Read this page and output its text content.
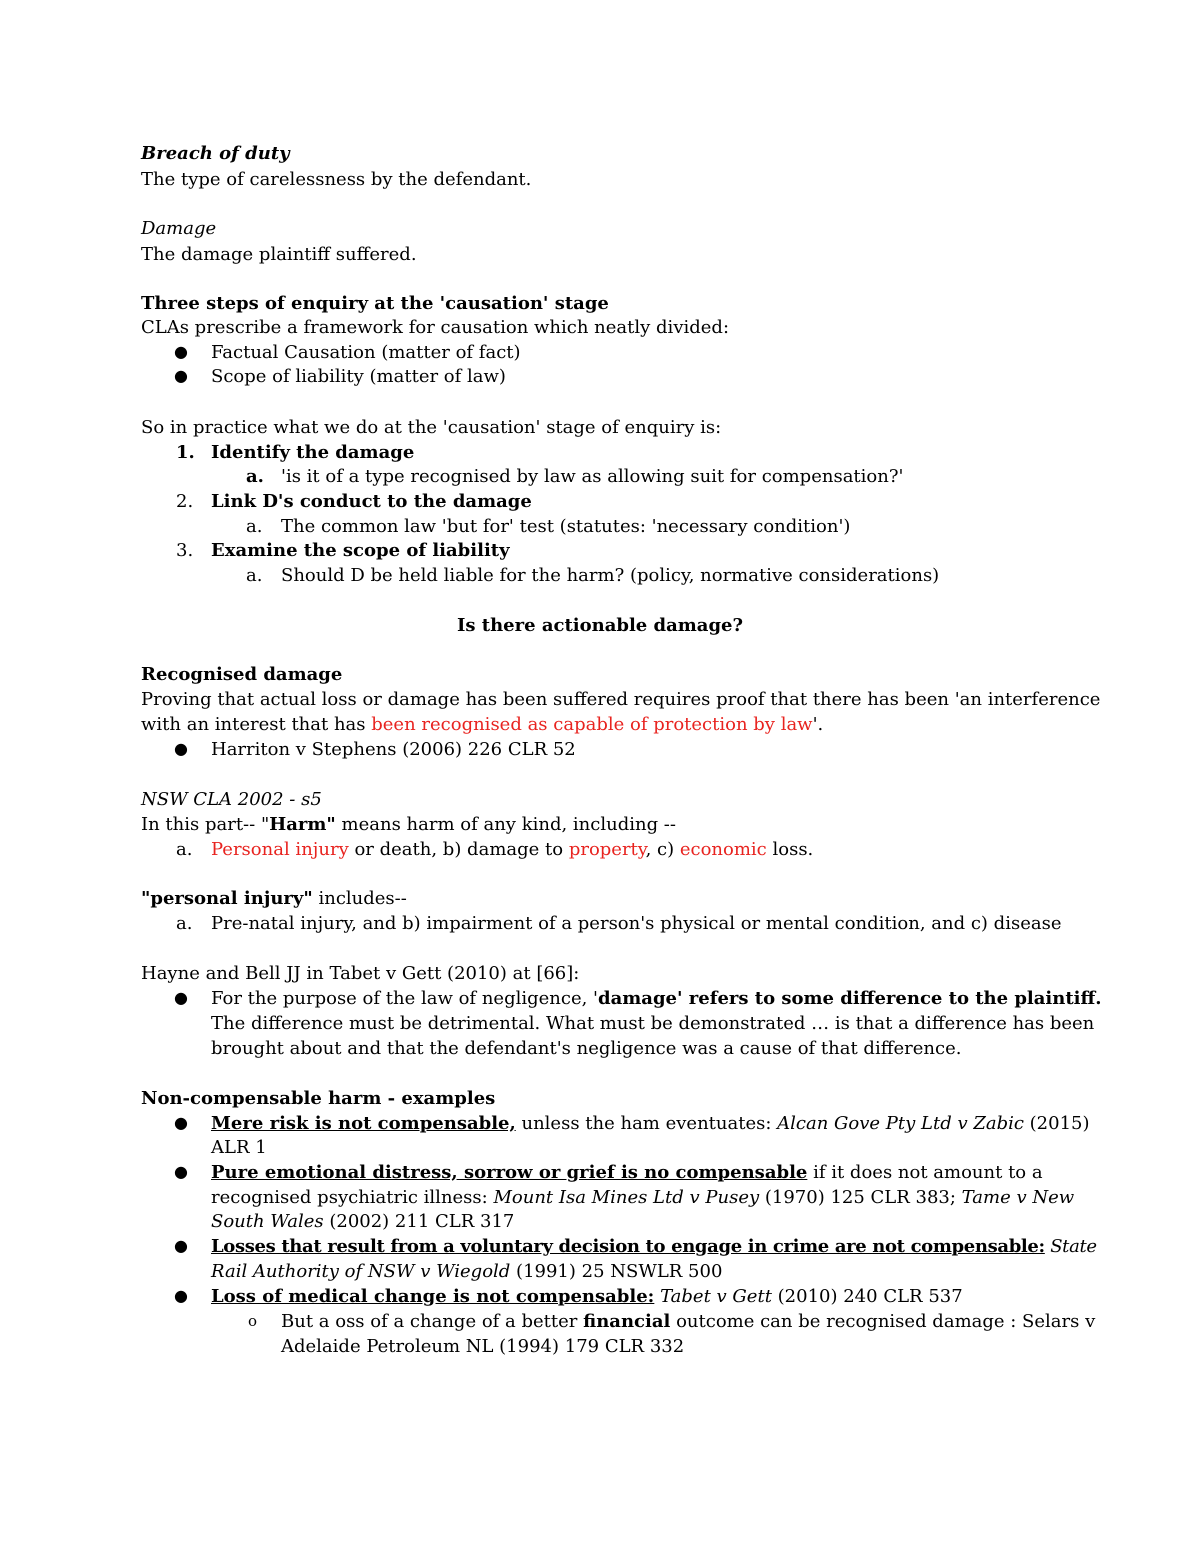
Breach of duty

The type of carelessness by the defendant.

Damage

The damage plaintiff suffered.

Three steps of enquiry at the 'causation' stage

CLAs prescribe a framework for causation which neatly divided:

● Factual Causation (matter of fact)

● Scope of liability (matter of law)

So in practice what we do at the 'causation' stage of enquiry is:

1. Identify the damage

a. 'is it of a type recognised by law as allowing suit for compensation?'

2. Link D's conduct to the damage

a. The common law 'but for' test (statutes: 'necessary condition')

3. Examine the scope of liability

a. Should D be held liable for the harm? (policy, normative considerations)

Is there actionable damage?

Recognised damage

Proving that actual loss or damage has been suffered requires proof that there has been 'an interference

with an interest that has been recognised as capable of protection by law'.

● Harriton v Stephens (2006) 226 CLR 52

NSW CLA 2002 - s5

In this part-- "Harm" means harm of any kind, including --

a. Personal injury or death, b) damage to property, c) economic loss.

"personal injury" includes--

a. Pre-natal injury, and b) impairment of a person's physical or mental condition, and c) disease

Hayne and Bell JJ in Tabet v Gett (2010) at [66]:

● For the purpose of the law of negligence, 'damage' refers to some difference to the plaintiff.

The difference must be detrimental. What must be demonstrated … is that a difference has been

brought about and that the defendant's negligence was a cause of that difference.

Non-compensable harm - examples

● Mere risk is not compensable, unless the ham eventuates: Alcan Gove Pty Ltd v Zabic (2015)

ALR 1

● Pure emotional distress, sorrow or grief is no compensable if it does not amount to a

recognised psychiatric illness: Mount Isa Mines Ltd v Pusey (1970) 125 CLR 383; Tame v New

South Wales (2002) 211 CLR 317

● Losses that result from a voluntary decision to engage in crime are not compensable: State

Rail Authority of NSW v Wiegold (1991) 25 NSWLR 500

● Loss of medical change is not compensable: Tabet v Gett (2010) 240 CLR 537

o But a oss of a change of a better financial outcome can be recognised damage : Selars v

Adelaide Petroleum NL (1994) 179 CLR 332
